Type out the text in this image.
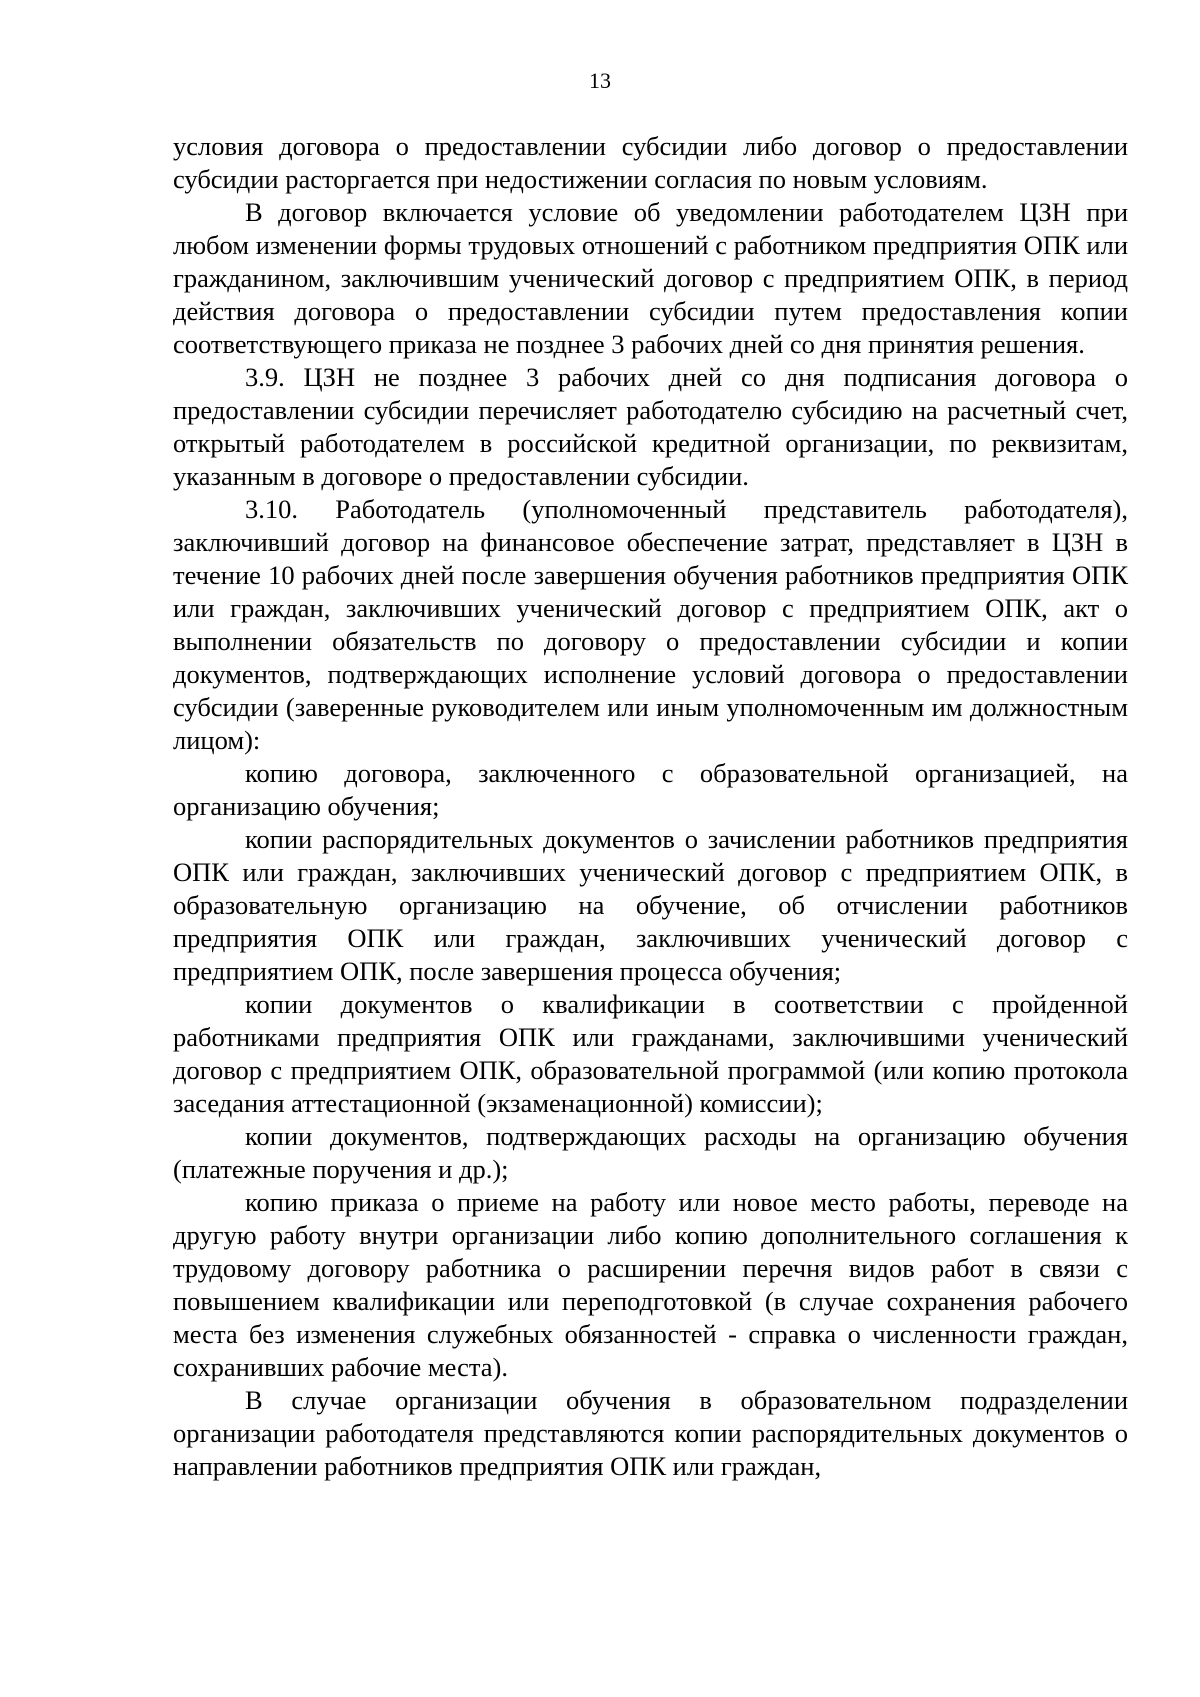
13

условия договора о предоставлении субсидии либо договор о предоставлении субсидии расторгается при недостижении согласия по новым условиям.

В договор включается условие об уведомлении работодателем ЦЗН при любом изменении формы трудовых отношений с работником предприятия ОПК или гражданином, заключившим ученический договор с предприятием ОПК, в период действия договора о предоставлении субсидии путем предоставления копии соответствующего приказа не позднее 3 рабочих дней со дня принятия решения.

3.9. ЦЗН не позднее 3 рабочих дней со дня подписания договора о предоставлении субсидии перечисляет работодателю субсидию на расчетный счет, открытый работодателем в российской кредитной организации, по реквизитам, указанным в договоре о предоставлении субсидии.

3.10. Работодатель (уполномоченный представитель работодателя), заключивший договор на финансовое обеспечение затрат, представляет в ЦЗН в течение 10 рабочих дней после завершения обучения работников предприятия ОПК или граждан, заключивших ученический договор с предприятием ОПК, акт о выполнении обязательств по договору о предоставлении субсидии и копии документов, подтверждающих исполнение условий договора о предоставлении субсидии (заверенные руководителем или иным уполномоченным им должностным лицом):

копию договора, заключенного с образовательной организацией, на организацию обучения;

копии распорядительных документов о зачислении работников предприятия ОПК или граждан, заключивших ученический договор с предприятием ОПК, в образовательную организацию на обучение, об отчислении работников предприятия ОПК или граждан, заключивших ученический договор с предприятием ОПК, после завершения процесса обучения;

копии документов о квалификации в соответствии с пройденной работниками предприятия ОПК или гражданами, заключившими ученический договор с предприятием ОПК, образовательной программой (или копию протокола заседания аттестационной (экзаменационной) комиссии);

копии документов, подтверждающих расходы на организацию обучения (платежные поручения и др.);

копию приказа о приеме на работу или новое место работы, переводе на другую работу внутри организации либо копию дополнительного соглашения к трудовому договору работника о расширении перечня видов работ в связи с повышением квалификации или переподготовкой (в случае сохранения рабочего места без изменения служебных обязанностей - справка о численности граждан, сохранивших рабочие места).

В случае организации обучения в образовательном подразделении организации работодателя представляются копии распорядительных документов о направлении работников предприятия ОПК или граждан,
